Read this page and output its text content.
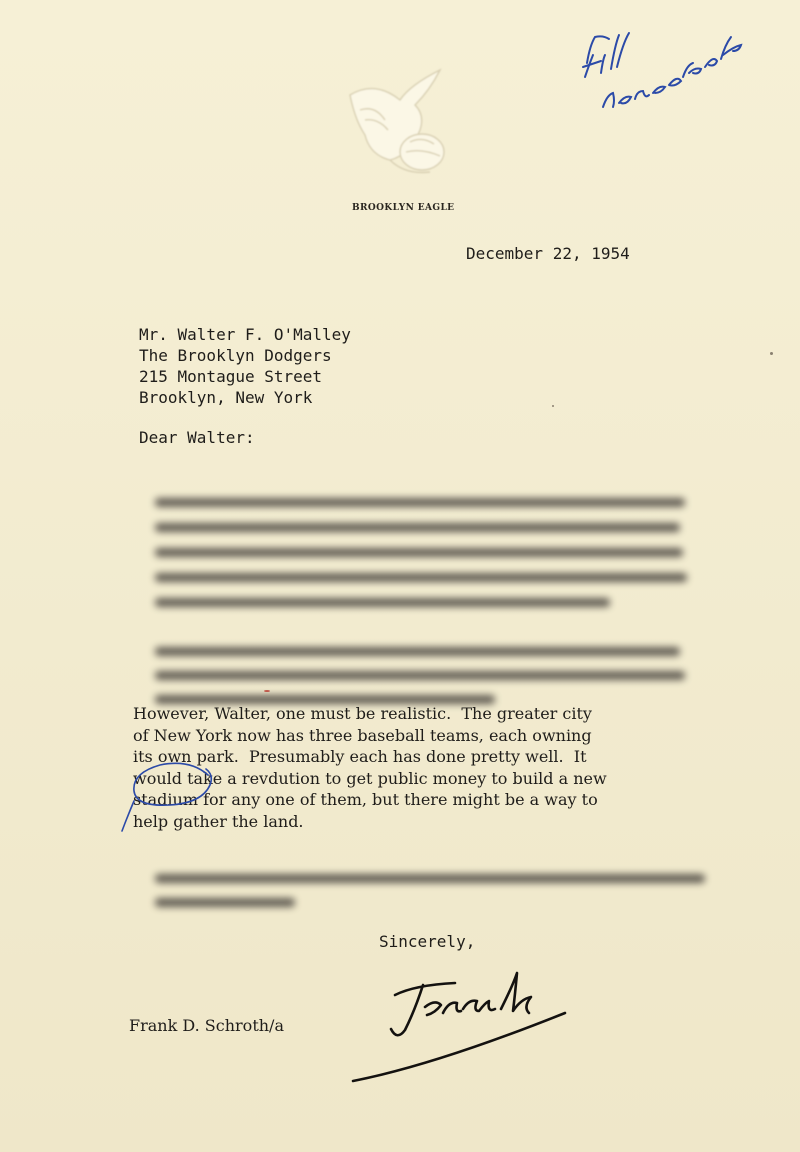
BROOKLYN EAGLE
December 22, 1954
Mr. Walter F. O'Malley
The Brooklyn Dodgers
215 Montague Street
Brooklyn, New York
Dear Walter:

However, Walter, one must be realistic.  The greater city
of New York now has three baseball teams, each owning
its own park.  Presumably each has done pretty well.  It
would take a revdution to get public money to build a new
stadium for any one of them, but there might be a way to
help gather the land.
Sincerely,
Frank D. Schroth/a
